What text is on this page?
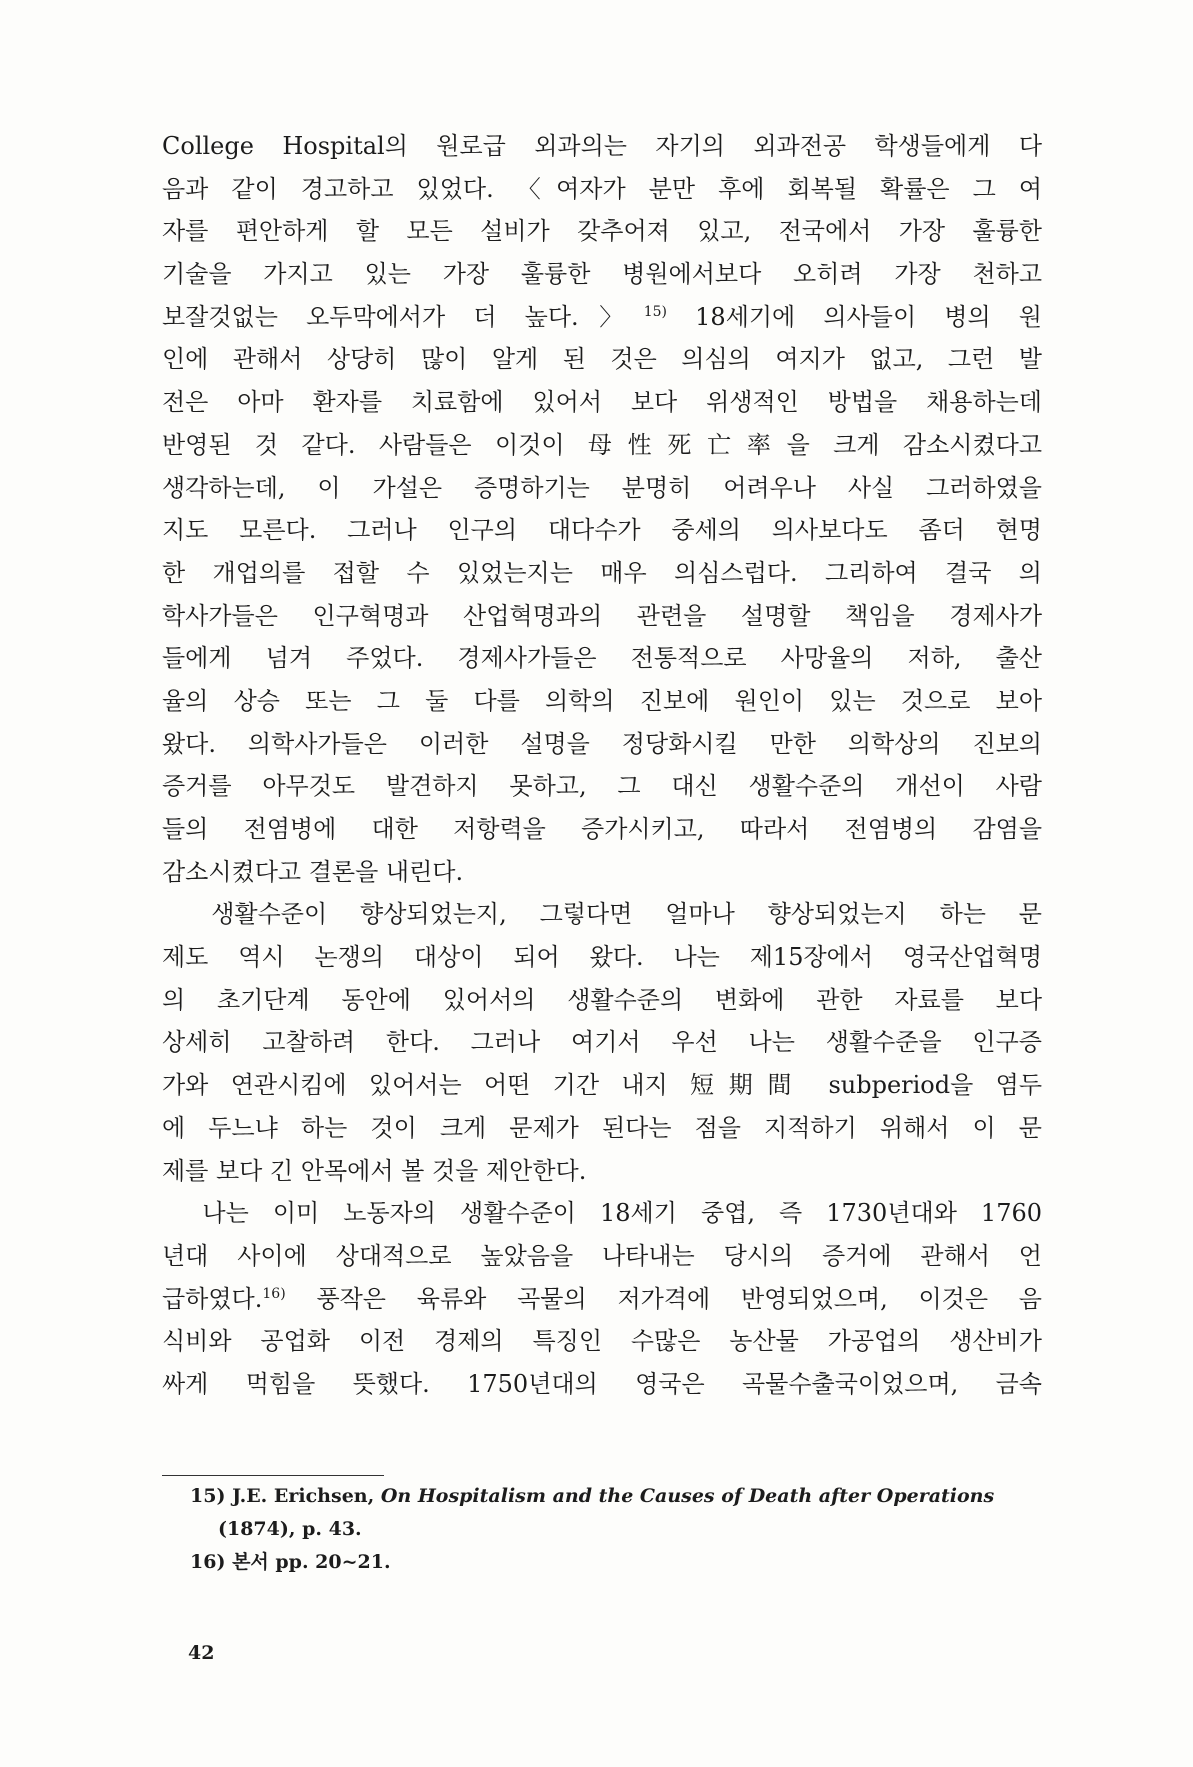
College Hospital의 원로급 외과의는 자기의 외과전공 학생들에게 다
음과 같이 경고하고 있었다. 〈여자가 분만 후에 회복될 확률은 그 여
자를 편안하게 할 모든 설비가 갖추어져 있고, 전국에서 가장 훌륭한
기술을 가지고 있는 가장 훌륭한 병원에서보다 오히려 가장 천하고
보잘것없는 오두막에서가 더 높다.〉$^{15)}$ 18세기에 의사들이 병의 원
인에 관해서 상당히 많이 알게 된 것은 의심의 여지가 없고, 그런 발
전은 아마 환자를 치료함에 있어서 보다 위생적인 방법을 채용하는데
반영된 것 같다. 사람들은 이것이 母性死亡率을 크게 감소시켰다고
생각하는데, 이 가설은 증명하기는 분명히 어려우나 사실 그러하였을
지도 모른다. 그러나 인구의 대다수가 중세의 의사보다도 좀더 현명
한 개업의를 접할 수 있었는지는 매우 의심스럽다. 그리하여 결국 의
학사가들은 인구혁명과 산업혁명과의 관련을 설명할 책임을 경제사가
들에게 넘겨 주었다. 경제사가들은 전통적으로 사망율의 저하, 출산
율의 상승 또는 그 둘 다를 의학의 진보에 원인이 있는 것으로 보아
왔다. 의학사가들은 이러한 설명을 정당화시킬 만한 의학상의 진보의
증거를 아무것도 발견하지 못하고, 그 대신 생활수준의 개선이 사람
들의 전염병에 대한 저항력을 증가시키고, 따라서 전염병의 감염을
감소시켰다고 결론을 내린다.
　생활수준이 향상되었는지, 그렇다면 얼마나 향상되었는지 하는 문
제도 역시 논쟁의 대상이 되어 왔다. 나는 제15장에서 영국산업혁명
의 초기단계 동안에 있어서의 생활수준의 변화에 관한 자료를 보다
상세히 고찰하려 한다. 그러나 여기서 우선 나는 생활수준을 인구증
가와 연관시킴에 있어서는 어떤 기간 내지 短期間 subperiod을 염두
에 두느냐 하는 것이 크게 문제가 된다는 점을 지적하기 위해서 이 문
제를 보다 긴 안목에서 볼 것을 제안한다.
　나는 이미 노동자의 생활수준이 18세기 중엽, 즉 1730년대와 1760
년대 사이에 상대적으로 높았음을 나타내는 당시의 증거에 관해서 언
급하였다.$^{16)}$ 풍작은 육류와 곡물의 저가격에 반영되었으며, 이것은 음
식비와 공업화 이전 경제의 특징인 수많은 농산물 가공업의 생산비가
싸게 먹힘을 뜻했다. 1750년대의 영국은 곡물수출국이었으며, 금속
15) J.E. Erichsen, On Hospitalism and the Causes of Death after Operations
(1874), p. 43.
16) 본서 pp. 20~21.
42
